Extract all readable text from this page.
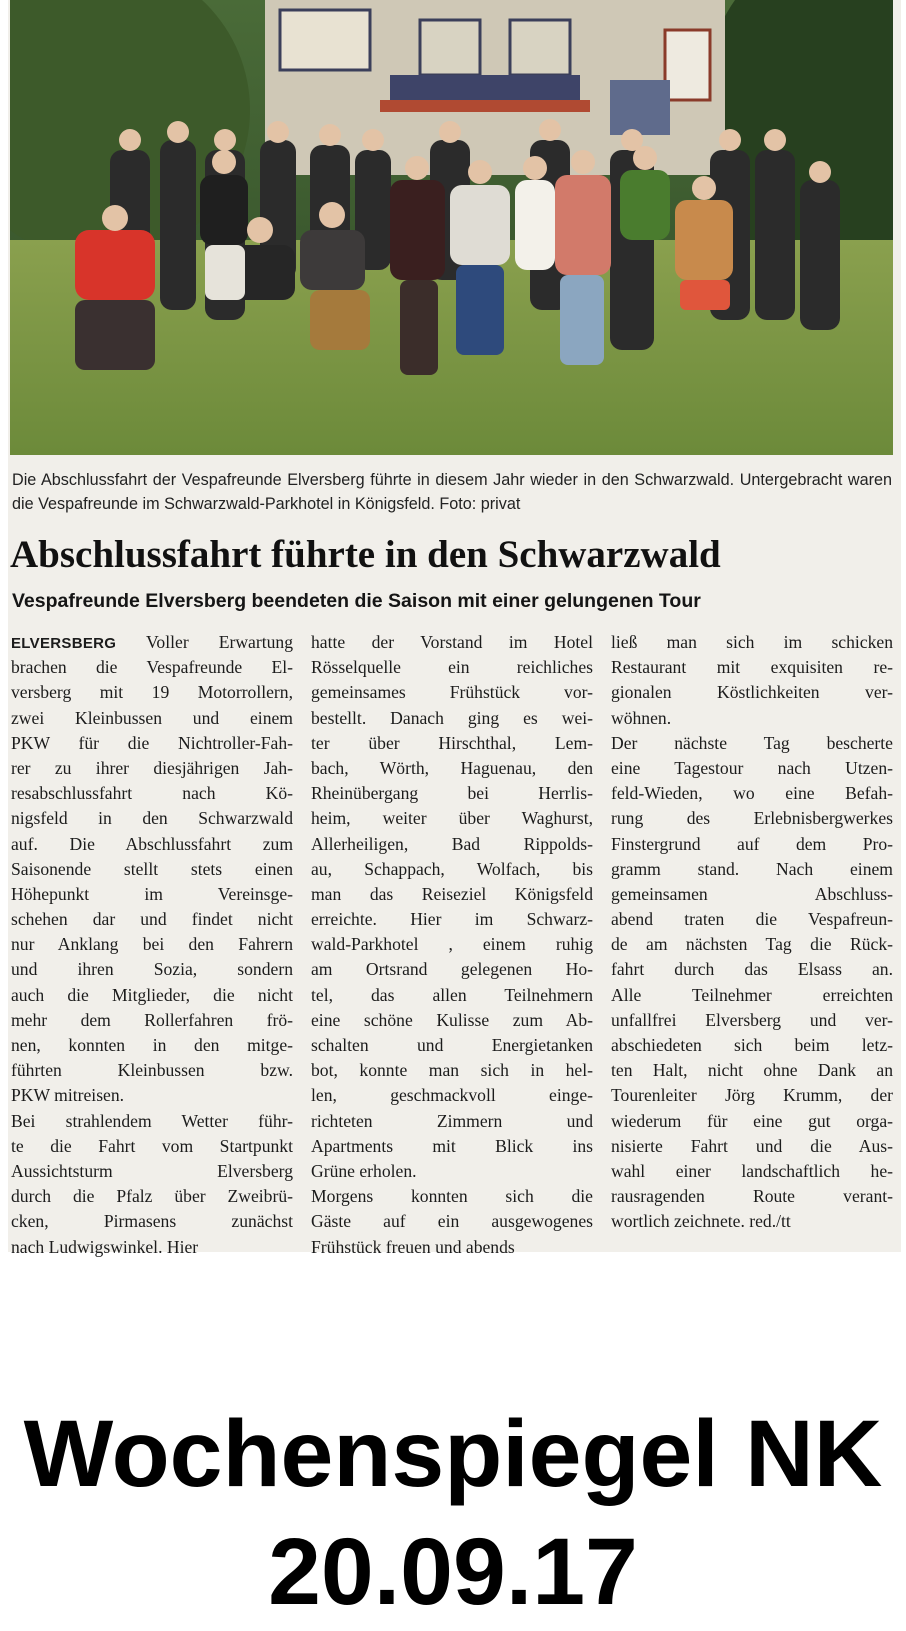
Die Abschlussfahrt der Vespafreunde Elversberg führte in diesem Jahr wieder in den Schwarzwald. Untergebracht waren die Vespafreunde im Schwarzwald-Parkhotel in Königsfeld. Foto: privat

Abschlussfahrt führte in den Schwarzwald
Vespafreunde Elversberg beendeten die Saison mit einer gelungenen Tour
ELVERSBERG Voller Erwartung
brachen die Vespafreunde El-
versberg mit 19 Motorrollern,
zwei Kleinbussen und einem
PKW für die Nichtroller-Fah-
rer zu ihrer diesjährigen Jah-
resabschlussfahrt nach Kö-
nigsfeld in den Schwarzwald
auf. Die Abschlussfahrt zum
Saisonende stellt stets einen
Höhepunkt im Vereinsge-
schehen dar und findet nicht
nur Anklang bei den Fahrern
und ihren Sozia, sondern
auch die Mitglieder, die nicht
mehr dem Rollerfahren frö-
nen, konnten in den mitge-
führten Kleinbussen bzw.
PKW mitreisen.
Bei strahlendem Wetter führ-
te die Fahrt vom Startpunkt
Aussichtsturm Elversberg
durch die Pfalz über Zweibrü-
cken, Pirmasens zunächst
nach Ludwigswinkel. Hier
hatte der Vorstand im Hotel
Rösselquelle ein reichliches
gemeinsames Frühstück vor-
bestellt. Danach ging es wei-
ter über Hirschthal, Lem-
bach, Wörth, Haguenau, den
Rheinübergang bei Herrlis-
heim, weiter über Waghurst,
Allerheiligen, Bad Rippolds-
au, Schappach, Wolfach, bis
man das Reiseziel Königsfeld
erreichte. Hier im Schwarz-
wald-Parkhotel , einem ruhig
am Ortsrand gelegenen Ho-
tel, das allen Teilnehmern
eine schöne Kulisse zum Ab-
schalten und Energietanken
bot, konnte man sich in hel-
len, geschmackvoll einge-
richteten Zimmern und
Apartments mit Blick ins
Grüne erholen.
Morgens konnten sich die
Gäste auf ein ausgewogenes
Frühstück freuen und abends
ließ man sich im schicken
Restaurant mit exquisiten re-
gionalen Köstlichkeiten ver-
wöhnen.
Der nächste Tag bescherte
eine Tagestour nach Utzen-
feld-Wieden, wo eine Befah-
rung des Erlebnisbergwerkes
Finstergrund auf dem Pro-
gramm stand. Nach einem
gemeinsamen Abschluss-
abend traten die Vespafreun-
de am nächsten Tag die Rück-
fahrt durch das Elsass an.
Alle Teilnehmer erreichten
unfallfrei Elversberg und ver-
abschiedeten sich beim letz-
ten Halt, nicht ohne Dank an
Tourenleiter Jörg Krumm, der
wiederum für eine gut orga-
nisierte Fahrt und die Aus-
wahl einer landschaftlich he-
rausragenden Route verant-
wortlich zeichnete. red./tt
Wochenspiegel NK
20.09.17
